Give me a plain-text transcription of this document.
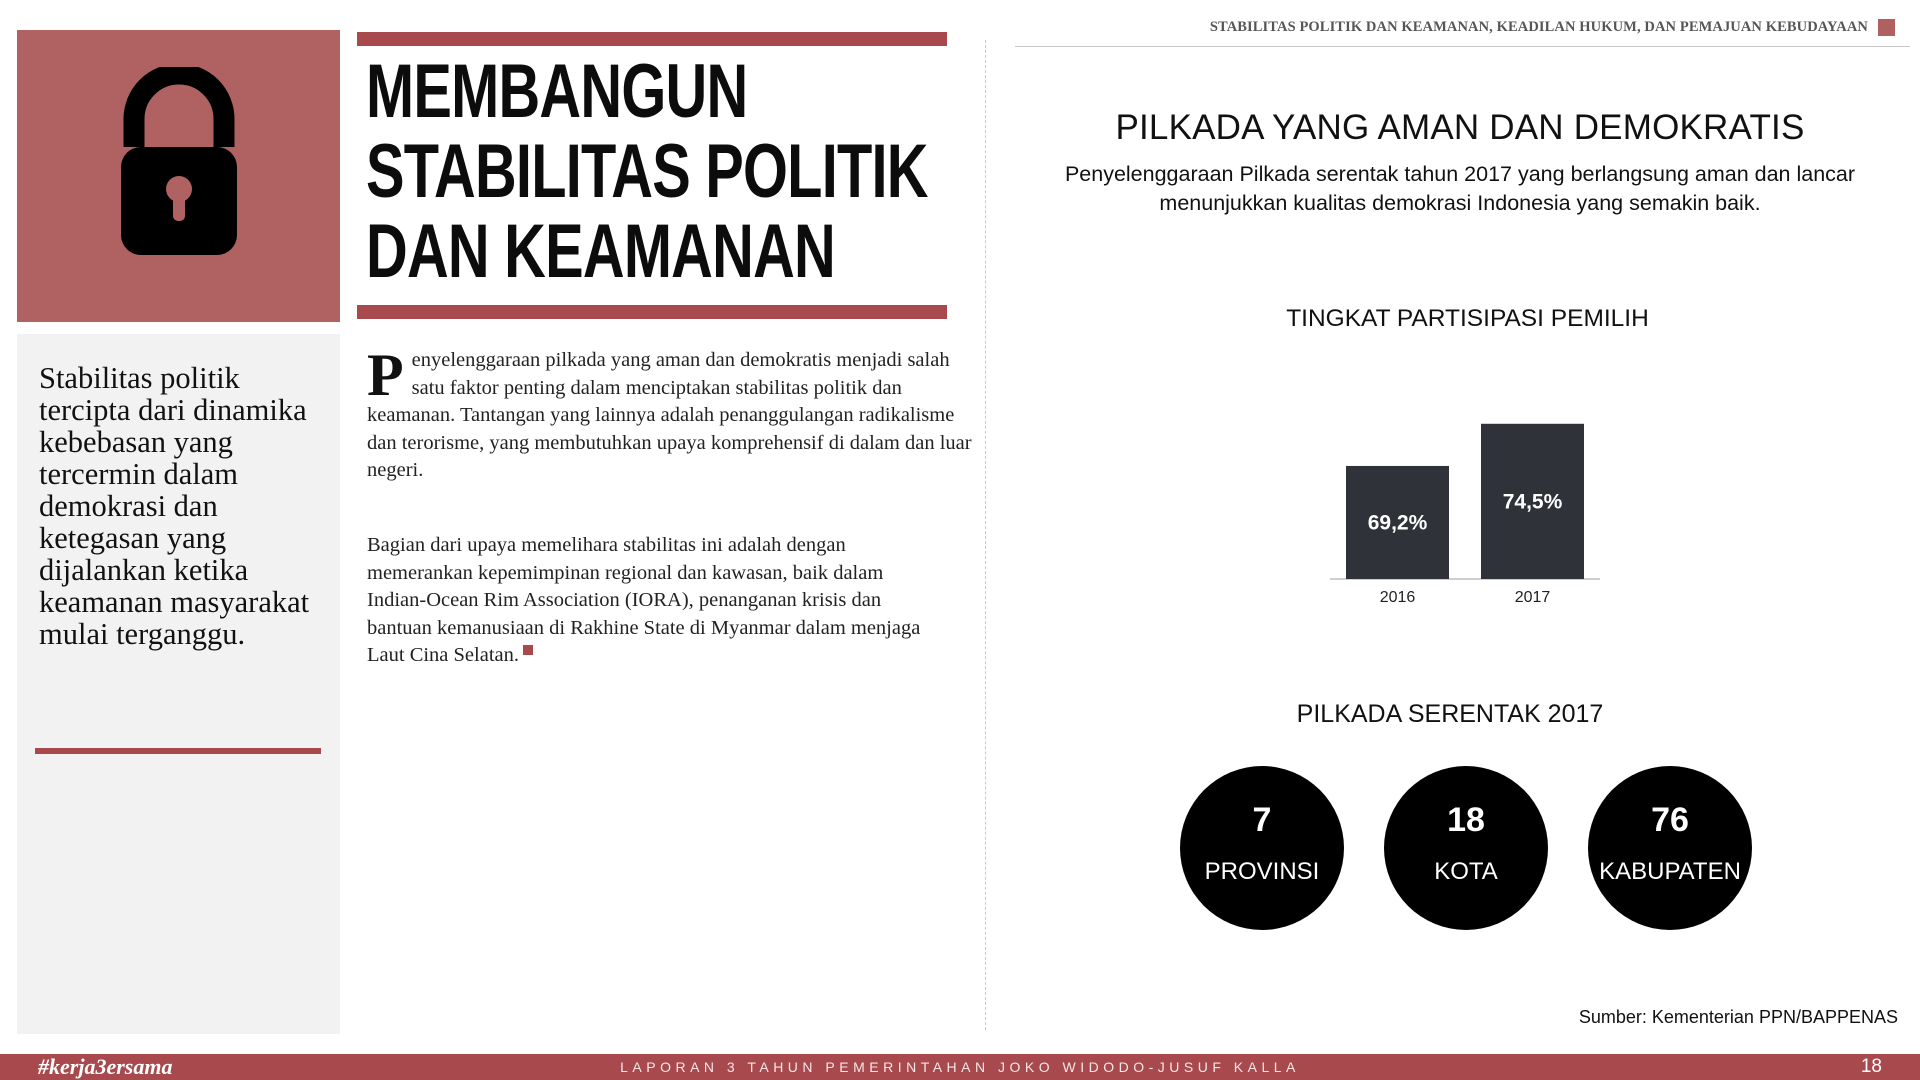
STABILITAS POLITIK DAN KEAMANAN, KEADILAN HUKUM, DAN PEMAJUAN KEBUDAYAAN
Stabilitas politik tercipta dari dinamika kebebasan yang tercermin dalam demokrasi dan ketegasan yang dijalankan ketika keamanan masyarakat mulai terganggu.
MEMBANGUN
STABILITAS POLITIK
DAN KEAMANAN
Penyelenggaraan pilkada yang aman dan demokratis menjadi salah satu faktor penting dalam menciptakan stabilitas politik dan keamanan. Tantangan yang lainnya adalah penanggulangan radikalisme dan terorisme, yang membutuhkan upaya komprehensif di dalam dan luar negeri.
Bagian dari upaya memelihara stabilitas ini adalah dengan memerankan kepemimpinan regional dan kawasan, baik dalam Indian-Ocean Rim Association (IORA), penanganan krisis dan bantuan kemanusiaan di Rakhine State di Myanmar dalam menjaga Laut Cina Selatan.
PILKADA YANG AMAN DAN DEMOKRATIS
Penyelenggaraan Pilkada serentak tahun 2017 yang berlangsung aman dan lancar
menunjukkan kualitas demokrasi Indonesia yang semakin baik.
TINGKAT PARTISIPASI PEMILIH
69,2%
2016
74,5%
2017
PILKADA SERENTAK 2017
7
PROVINSI
18
KOTA
76
KABUPATEN
Sumber: Kementerian PPN/BAPPENAS
#kerja3ersama	LAPORAN 3 TAHUN PEMERINTAHAN JOKO WIDODO-JUSUF KALLA	18
